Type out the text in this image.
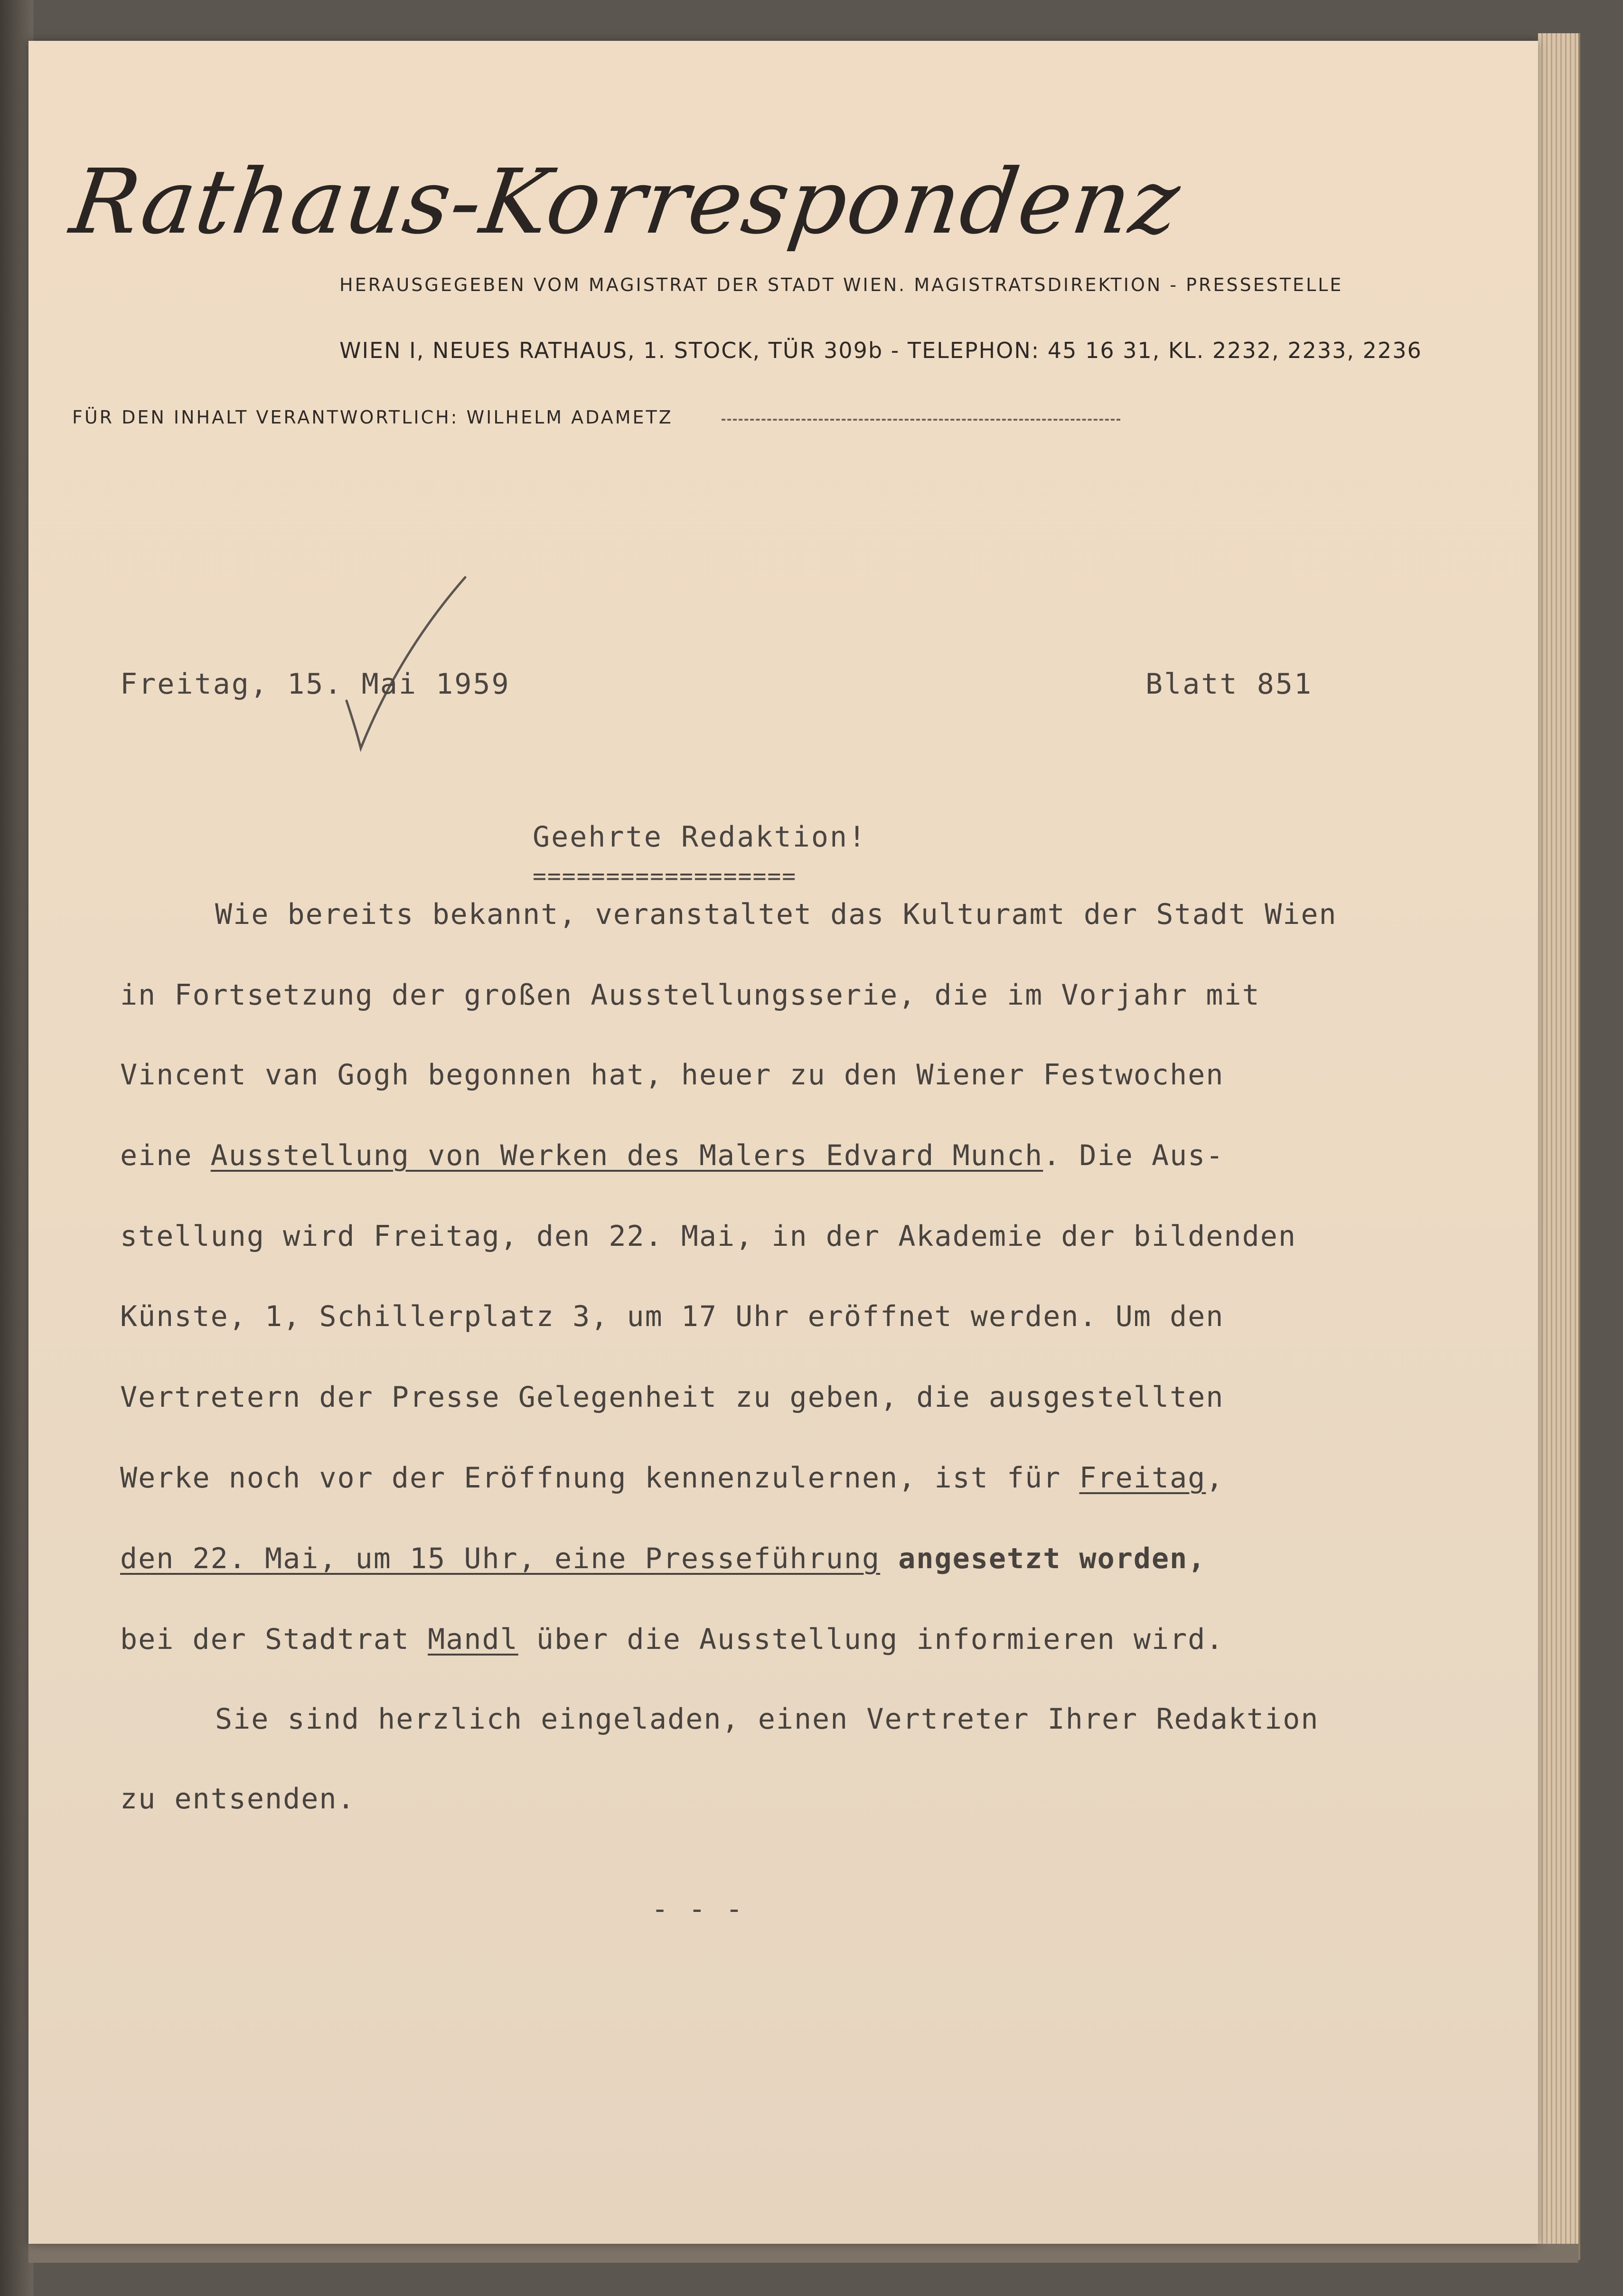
Rathaus-Korrespondenz
HERAUSGEGEBEN VOM MAGISTRAT DER STADT WIEN. MAGISTRATSDIREKTION - PRESSESTELLE
WIEN I, NEUES RATHAUS, 1. STOCK, TÜR 309b - TELEPHON: 45 16 31, KL. 2232, 2233, 2236
FÜR DEN INHALT VERANTWORTLICH: WILHELM ADAMETZ
Freitag, 15. Mai 1959	Blatt 851
Geehrte Redaktion!
==================
Wie bereits bekannt, veranstaltet das Kulturamt der Stadt Wien
in Fortsetzung der großen Ausstellungsserie, die im Vorjahr mit
Vincent van Gogh begonnen hat, heuer zu den Wiener Festwochen
eine Ausstellung von Werken des Malers Edvard Munch. Die Aus-
stellung wird Freitag, den 22. Mai, in der Akademie der bildenden
Künste, 1, Schillerplatz 3, um 17 Uhr eröffnet werden. Um den
Vertretern der Presse Gelegenheit zu geben, die ausgestellten
Werke noch vor der Eröffnung kennenzulernen, ist für Freitag,
den 22. Mai, um 15 Uhr, eine Presseführung angesetzt worden,
bei der Stadtrat Mandl über die Ausstellung informieren wird.
Sie sind herzlich eingeladen, einen Vertreter Ihrer Redaktion
zu entsenden.
- - -
